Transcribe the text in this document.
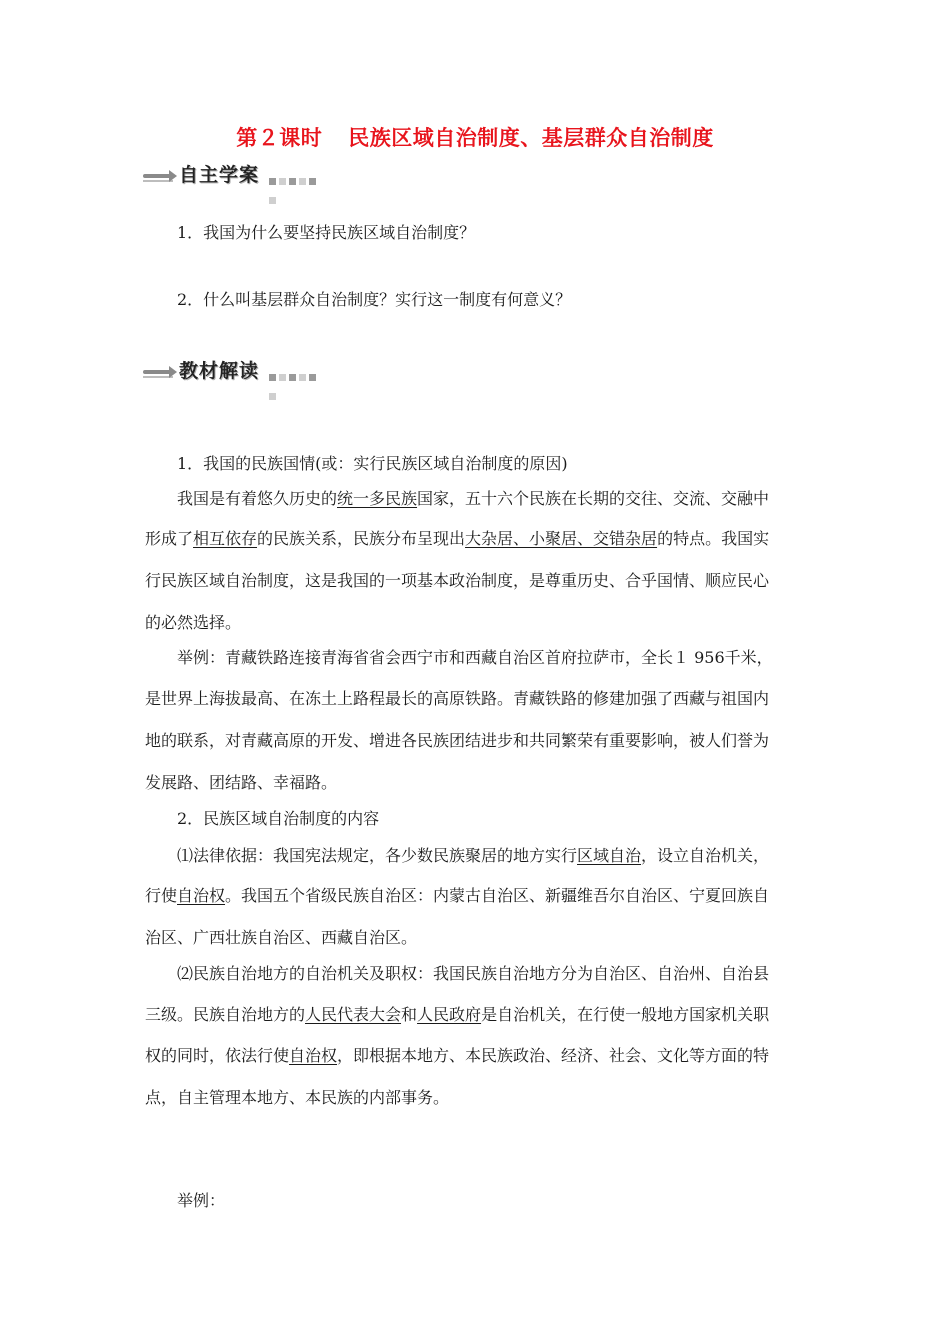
第２课时 民族区域自治制度、基层群众自治制度
自主学案
1．我国为什么要坚持民族区域自治制度？
2．什么叫基层群众自治制度？实行这一制度有何意义？
教材解读
1．我国的民族国情(或：实行民族区域自治制度的原因)
我国是有着悠久历史的统一多民族国家，五十六个民族在长期的交往、交流、交融中
形成了相互依存的民族关系，民族分布呈现出大杂居、小聚居、交错杂居的特点。我国实
行民族区域自治制度，这是我国的一项基本政治制度，是尊重历史、合乎国情、顺应民心
的必然选择。
举例：青藏铁路连接青海省省会西宁市和西藏自治区首府拉萨市，全长１ 956千米，
是世界上海拔最高、在冻土上路程最长的高原铁路。青藏铁路的修建加强了西藏与祖国内
地的联系，对青藏高原的开发、增进各民族团结进步和共同繁荣有重要影响，被人们誉为
发展路、团结路、幸福路。
2．民族区域自治制度的内容
⑴法律依据：我国宪法规定，各少数民族聚居的地方实行区域自治，设立自治机关，
行使自治权。我国五个省级民族自治区：内蒙古自治区、新疆维吾尔自治区、宁夏回族自
治区、广西壮族自治区、西藏自治区。
⑵民族自治地方的自治机关及职权：我国民族自治地方分为自治区、自治州、自治县
三级。民族自治地方的人民代表大会和人民政府是自治机关，在行使一般地方国家机关职
权的同时，依法行使自治权，即根据本地方、本民族政治、经济、社会、文化等方面的特
点，自主管理本地方、本民族的内部事务。
举例：
